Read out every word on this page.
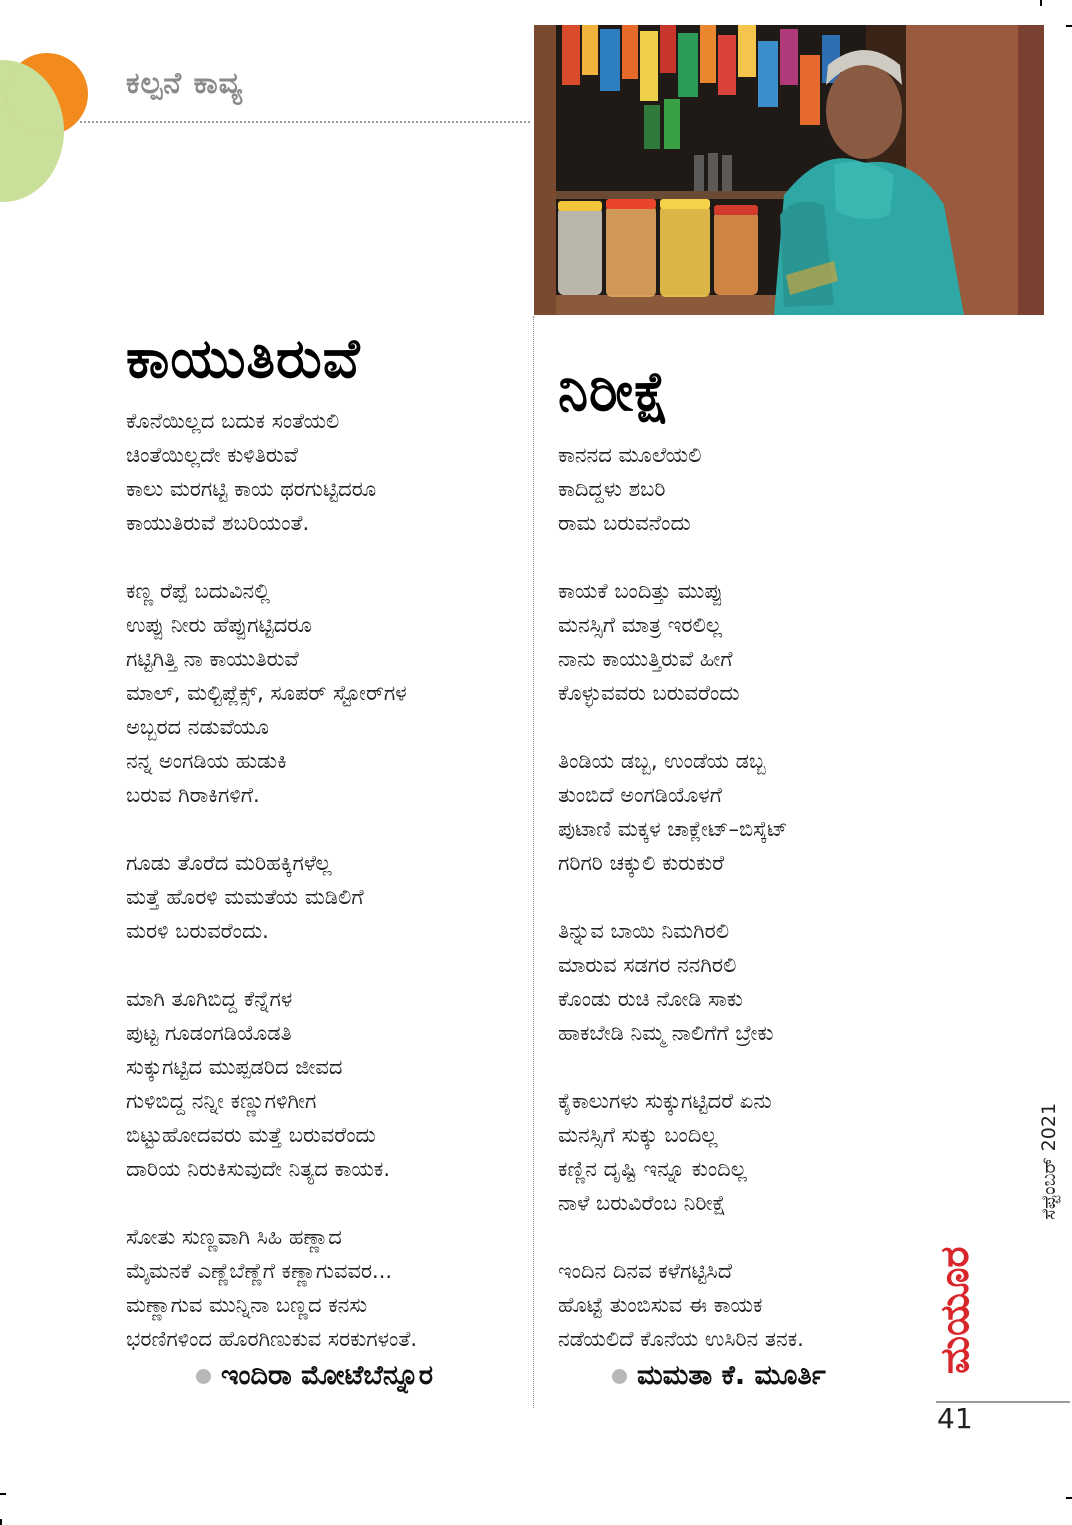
ಕಲ್ಪನೆ ಕಾವ್ಯ
ಕಾಯುತಿರುವೆ
ಕೊನೆಯಿಲ್ಲದ ಬದುಕ ಸಂತೆಯಲಿ
ಚಿಂತೆಯಿಲ್ಲದೇ ಕುಳಿತಿರುವೆ
ಕಾಲು ಮರಗಟ್ಟಿ ಕಾಯ ಥರಗುಟ್ಟಿದರೂ
ಕಾಯುತಿರುವೆ ಶಬರಿಯಂತೆ.
ಕಣ್ಣ ರೆಪ್ಪೆ ಬದುವಿನಲ್ಲಿ
ಉಪ್ಪು ನೀರು ಹೆಪ್ಪುಗಟ್ಟಿದರೂ
ಗಟ್ಟಿಗಿತ್ತಿ ನಾ ಕಾಯುತಿರುವೆ
ಮಾಲ್, ಮಲ್ಟಿಪ್ಲೆಕ್ಸ್, ಸೂಪರ್ ಸ್ಟೋರ್‌ಗಳ
ಅಬ್ಬರದ ನಡುವೆಯೂ
ನನ್ನ ಅಂಗಡಿಯ ಹುಡುಕಿ
ಬರುವ ಗಿರಾಕಿಗಳಿಗೆ.
ಗೂಡು ತೊರೆದ ಮರಿಹಕ್ಕಿಗಳೆಲ್ಲ
ಮತ್ತೆ ಹೊರಳಿ ಮಮತೆಯ ಮಡಿಲಿಗೆ
ಮರಳಿ ಬರುವರೆಂದು.
ಮಾಗಿ ತೂಗಿಬಿದ್ದ ಕೆನ್ನೆಗಳ
ಪುಟ್ಟ ಗೂಡಂಗಡಿಯೊಡತಿ
ಸುಕ್ಕುಗಟ್ಟಿದ ಮುಪ್ಪಡರಿದ ಜೀವದ
ಗುಳಿಬಿದ್ದ ನನ್ನೀ ಕಣ್ಣುಗಳಿಗೀಗ
ಬಿಟ್ಟುಹೋದವರು ಮತ್ತೆ ಬರುವರೆಂದು
ದಾರಿಯ ನಿರುಕಿಸುವುದೇ ನಿತ್ಯದ ಕಾಯಕ.
ಸೋತು ಸುಣ್ಣವಾಗಿ ಸಿಹಿ ಹಣ್ಣಾದ
ಮೈಮನಕೆ ಎಣ್ಣೆಬೆಣ್ಣೆಗೆ ಕಣ್ಣಾಗುವವರ...
ಮಣ್ಣಾಗುವ ಮುನ್ನಿನಾ ಬಣ್ಣದ ಕನಸು
ಭರಣಿಗಳಿಂದ ಹೊರಗಿಣುಕುವ ಸರಕುಗಳಂತೆ.
ಇಂದಿರಾ ಮೋಟೆಬೆನ್ನೂರ
ನಿರೀಕ್ಷೆ
ಕಾನನದ ಮೂಲೆಯಲಿ
ಕಾದಿದ್ದಳು ಶಬರಿ
ರಾಮ ಬರುವನೆಂದು
ಕಾಯಕೆ ಬಂದಿತ್ತು ಮುಪ್ಪು
ಮನಸ್ಸಿಗೆ ಮಾತ್ರ ಇರಲಿಲ್ಲ
ನಾನು ಕಾಯುತ್ತಿರುವೆ ಹೀಗೆ
ಕೊಳ್ಳುವವರು ಬರುವರೆಂದು
ತಿಂಡಿಯ ಡಬ್ಬ, ಉಂಡೆಯ ಡಬ್ಬ
ತುಂಬಿದೆ ಅಂಗಡಿಯೊಳಗೆ
ಪುಟಾಣಿ ಮಕ್ಕಳ ಚಾಕ್ಲೇಟ್–ಬಿಸ್ಕೆಟ್
ಗರಿಗರಿ ಚಕ್ಕುಲಿ ಕುರುಕುರೆ
ತಿನ್ನುವ ಬಾಯಿ ನಿಮಗಿರಲಿ
ಮಾರುವ ಸಡಗರ ನನಗಿರಲಿ
ಕೊಂಡು ರುಚಿ ನೋಡಿ ಸಾಕು
ಹಾಕಬೇಡಿ ನಿಮ್ಮ ನಾಲಿಗೆಗೆ ಬ್ರೇಕು
ಕೈಕಾಲುಗಳು ಸುಕ್ಕುಗಟ್ಟಿದರೆ ಏನು
ಮನಸ್ಸಿಗೆ ಸುಕ್ಕು ಬಂದಿಲ್ಲ
ಕಣ್ಣಿನ ದೃಷ್ಟಿ ಇನ್ನೂ ಕುಂದಿಲ್ಲ
ನಾಳೆ ಬರುವಿರೆಂಬ ನಿರೀಕ್ಷೆ
ಇಂದಿನ ದಿನವ ಕಳೆಗಟ್ಟಿಸಿದೆ
ಹೊಟ್ಟೆ ತುಂಬಿಸುವ ಈ ಕಾಯಕ
ನಡೆಯಲಿದೆ ಕೊನೆಯ ಉಸಿರಿನ ತನಕ.
ಮಮತಾ ಕೆ. ಮೂರ್ತಿ
ಸೆಪ್ಟೆಂಬರ್ 2021
ಮಯೂರ
41
